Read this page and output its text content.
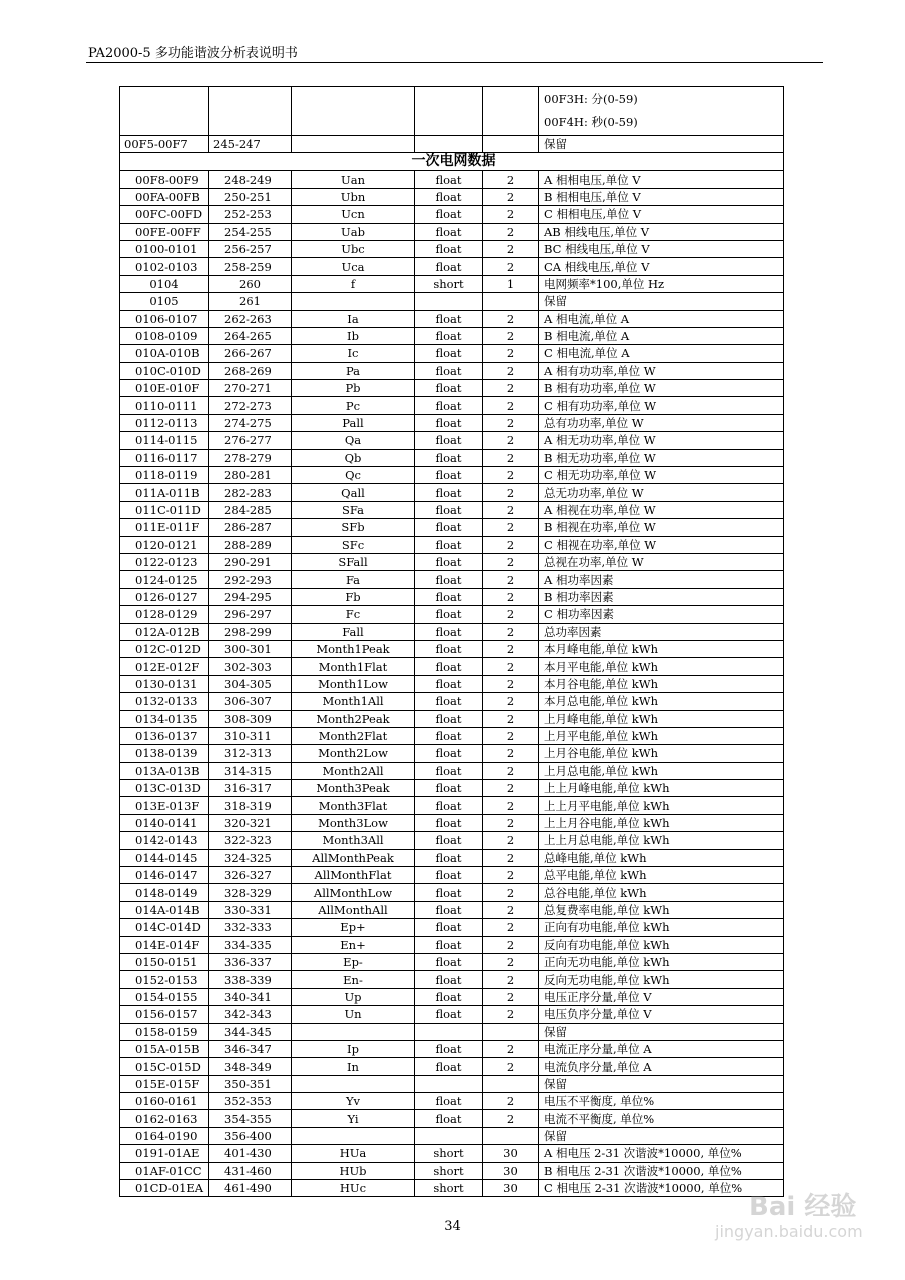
PA2000-5 多功能谐波分析表说明书

					00F3H: 分(0-59)
00F4H: 秒(0-59)

00F5-00F7	245-247				保留
一次电网数据					
00F8-00F9	248-249	Uan	float	2	A 相相电压,单位 V
00FA-00FB	250-251	Ubn	float	2	B 相相电压,单位 V
00FC-00FD	252-253	Ucn	float	2	C 相相电压,单位 V
00FE-00FF	254-255	Uab	float	2	AB 相线电压,单位 V
0100-0101	256-257	Ubc	float	2	BC 相线电压,单位 V
0102-0103	258-259	Uca	float	2	CA 相线电压,单位 V
0104	260	f	short	1	电网频率*100,单位 Hz
0105	261				保留
0106-0107	262-263	Ia	float	2	A 相电流,单位 A
0108-0109	264-265	Ib	float	2	B 相电流,单位 A
010A-010B	266-267	Ic	float	2	C 相电流,单位 A
010C-010D	268-269	Pa	float	2	A 相有功功率,单位 W
010E-010F	270-271	Pb	float	2	B 相有功功率,单位 W
0110-0111	272-273	Pc	float	2	C 相有功功率,单位 W
0112-0113	274-275	Pall	float	2	总有功功率,单位 W
0114-0115	276-277	Qa	float	2	A 相无功功率,单位 W
0116-0117	278-279	Qb	float	2	B 相无功功率,单位 W
0118-0119	280-281	Qc	float	2	C 相无功功率,单位 W
011A-011B	282-283	Qall	float	2	总无功功率,单位 W
011C-011D	284-285	SFa	float	2	A 相视在功率,单位 W
011E-011F	286-287	SFb	float	2	B 相视在功率,单位 W
0120-0121	288-289	SFc	float	2	C 相视在功率,单位 W
0122-0123	290-291	SFall	float	2	总视在功率,单位 W
0124-0125	292-293	Fa	float	2	A 相功率因素
0126-0127	294-295	Fb	float	2	B 相功率因素
0128-0129	296-297	Fc	float	2	C 相功率因素
012A-012B	298-299	Fall	float	2	总功率因素
012C-012D	300-301	Month1Peak	float	2	本月峰电能,单位 kWh
012E-012F	302-303	Month1Flat	float	2	本月平电能,单位 kWh
0130-0131	304-305	Month1Low	float	2	本月谷电能,单位 kWh
0132-0133	306-307	Month1All	float	2	本月总电能,单位 kWh
0134-0135	308-309	Month2Peak	float	2	上月峰电能,单位 kWh
0136-0137	310-311	Month2Flat	float	2	上月平电能,单位 kWh
0138-0139	312-313	Month2Low	float	2	上月谷电能,单位 kWh
013A-013B	314-315	Month2All	float	2	上月总电能,单位 kWh
013C-013D	316-317	Month3Peak	float	2	上上月峰电能,单位 kWh
013E-013F	318-319	Month3Flat	float	2	上上月平电能,单位 kWh
0140-0141	320-321	Month3Low	float	2	上上月谷电能,单位 kWh
0142-0143	322-323	Month3All	float	2	上上月总电能,单位 kWh
0144-0145	324-325	AllMonthPeak	float	2	总峰电能,单位 kWh
0146-0147	326-327	AllMonthFlat	float	2	总平电能,单位 kWh
0148-0149	328-329	AllMonthLow	float	2	总谷电能,单位 kWh
014A-014B	330-331	AllMonthAll	float	2	总复费率电能,单位 kWh
014C-014D	332-333	Ep+	float	2	正向有功电能,单位 kWh
014E-014F	334-335	En+	float	2	反向有功电能,单位 kWh
0150-0151	336-337	Ep-	float	2	正向无功电能,单位 kWh
0152-0153	338-339	En-	float	2	反向无功电能,单位 kWh
0154-0155	340-341	Up	float	2	电压正序分量,单位 V
0156-0157	342-343	Un	float	2	电压负序分量,单位 V
0158-0159	344-345				保留
015A-015B	346-347	Ip	float	2	电流正序分量,单位 A
015C-015D	348-349	In	float	2	电流负序分量,单位 A
015E-015F	350-351				保留
0160-0161	352-353	Yv	float	2	电压不平衡度, 单位%
0162-0163	354-355	Yi	float	2	电流不平衡度, 单位%
0164-0190	356-400				保留
0191-01AE	401-430	HUa	short	30	A 相电压 2-31 次谐波*10000, 单位%
01AF-01CC	431-460	HUb	short	30	B 相电压 2-31 次谐波*10000, 单位%
01CD-01EA	461-490	HUc	short	30	C 相电压 2-31 次谐波*10000, 单位%
34
Bai 经验
jingyan.baidu.com
